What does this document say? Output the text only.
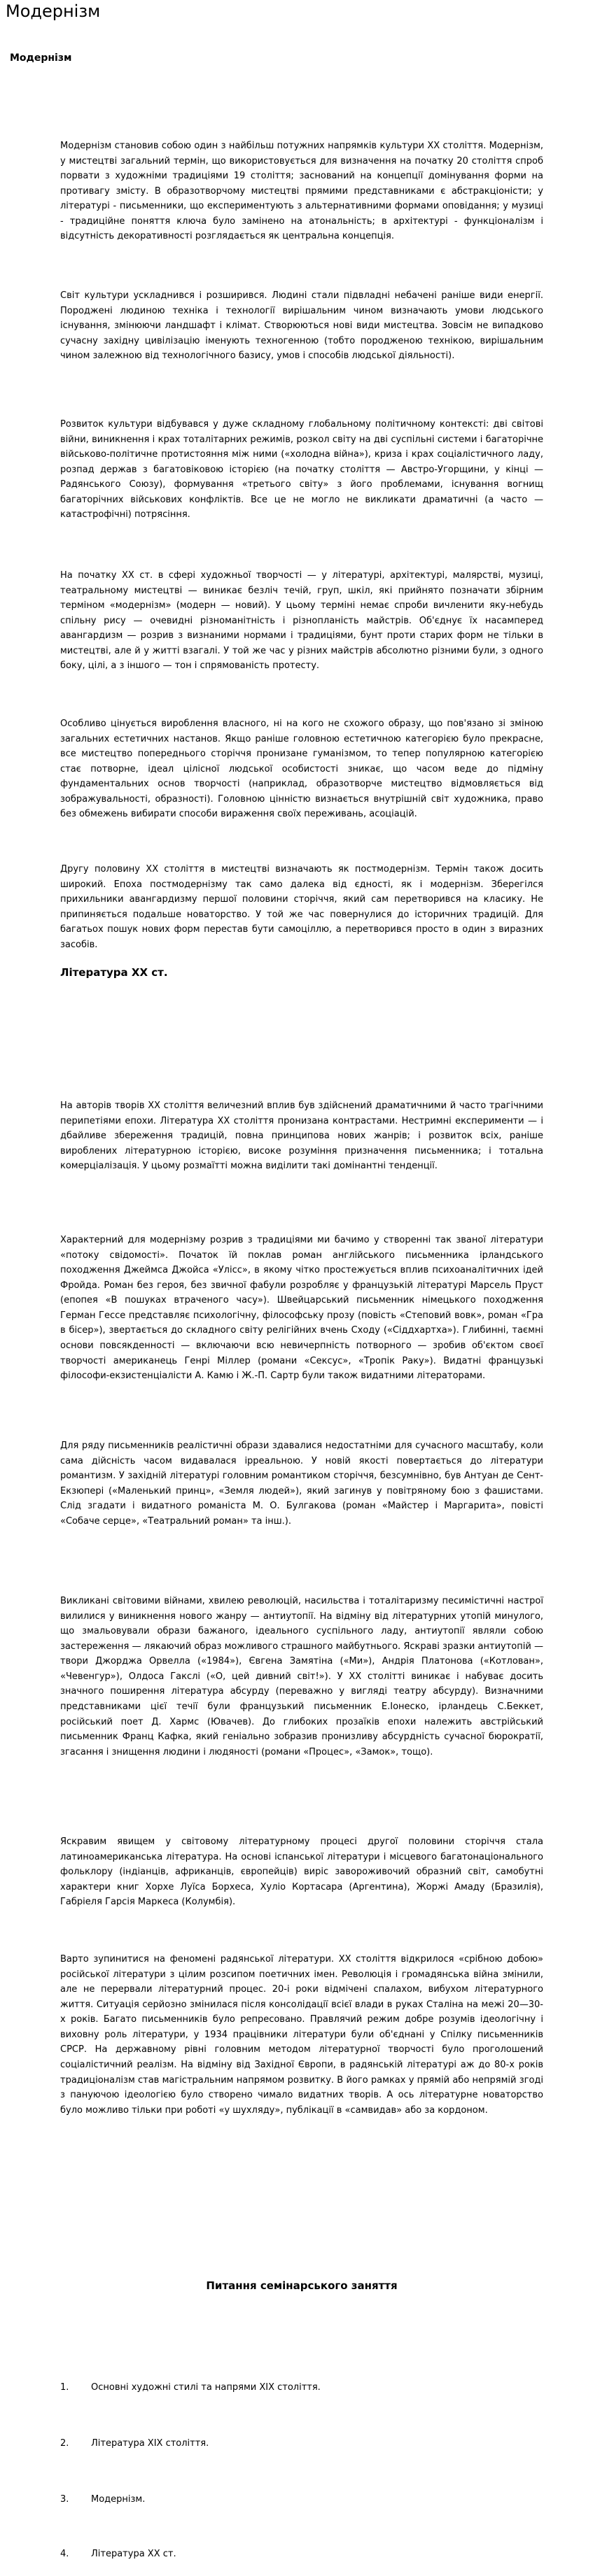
Модернізм
Модернізм

Модернізм становив собою один з найбільш потужних напрямків культури XX століття. Модернізм, у мистецтві загальний термін, що використовується для визначення на початку 20 століття спроб порвати з художніми традиціями 19 століття; заснований на концепції домінування форми на противагу змісту. В образотворчому мистецтві прямими представниками є абстракціоністи; у літературі - письменники, що експериментують з альтернативними формами оповідання; у музиці - традиційне поняття ключа було замінено на атональність; в архітектурі - функціоналізм і відсутність декоративності розглядається як центральна концепція.

Світ культури ускладнився і розширився. Людині стали підвладні небачені раніше види енергії. Породжені людиною техніка і технології вирішальним чином визначають умови людського існування, змінюючи ландшафт і клімат. Створюються нові види мистецтва. Зовсім не випадково сучасну західну цивілізацію іменують техногенною (тобто породженою технікою, вирішальним чином залежною від технологічного базису, умов і способів людської діяльності).

Розвиток культури відбувався у дуже складному глобальному політичному контексті: дві світові війни, виникнення і крах тоталітарних режимів, розкол світу на дві суспільні системи і багаторічне військово-політичне протистояння між ними («холодна війна»), криза і крах соціалістичного ладу, розпад держав з багатовіковою історією (на початку століття — Австро-Угорщини, у кінці — Радянського Союзу), формування «третього світу» з його проблемами, існування вогнищ багаторічних військових конфліктів. Все це не могло не викликати драматичні (а часто — катастрофічні) потрясіння.

На початку XX ст. в сфері художньої творчості — у літературі, архітектурі, малярстві, музиці, театральному мистецтві — виникає безліч течій, груп, шкіл, які прийнято позначати збірним терміном «модернізм» (модерн — новий). У цьому терміні немає спроби вичленити яку-небудь спільну рису — очевидні різноманітність і різнопланість майстрів. Об'єднує їх насамперед авангардизм — розрив з визнаними нормами і традиціями, бунт проти старих форм не тільки в мистецтві, але й у житті взагалі. У той же час у різних майстрів абсолютно різними були, з одного боку, цілі, а з іншого — тон і спрямованість протесту.

Особливо цінується вироблення власного, ні на кого не схожого образу, що пов'язано зі зміною загальних естетичних настанов. Якщо раніше головною естетичною категорією було прекрасне, все мистецтво попереднього сторіччя пронизане гуманізмом, то тепер популярною категорією стає потворне, ідеал цілісної людської особистості зникає, що часом веде до підміну фундаментальних основ творчості (наприклад, образотворче мистецтво відмовляється від зображувальності, образності). Головною цінністю визнається внутрішній світ художника, право без обмежень вибирати способи вираження своїх переживань, асоціацій.

Другу половину XX століття в мистецтві визначають як постмодернізм. Термін також досить широкий. Епоха постмодернізму так само далека від єдності, як і модернізм. Зберегілся прихильники авангардизму першої половини сторіччя, який сам перетворився на класику. Не припиняється подальше новаторство. У той же час повернулися до історичних традицій. Для багатьох пошук нових форм перестав бути самоціллю, а перетворився просто в один з виразних засобів.

Література XX ст.

На авторів творів XX століття величезний вплив був здійснений драматичними й часто трагічними перипетіями епохи. Література XX століття пронизана контрастами. Нестримні експерименти — і дбайливе збереження традицій, повна принципова нових жанрів; і розвиток всіх, раніше вироблених літературною історією, високе розуміння призначення письменника; і тотальна комерціалізація. У цьому розмаїтті можна виділити такі домінантні тенденції.

Характерний для модернізму розрив з традиціями ми бачимо у створенні так званої літератури «потоку свідомості». Початок їй поклав роман англійського письменника ірландського походження Джеймса Джойса «Улісс», в якому чітко простежується вплив психоаналітичних ідей Фройда. Роман без героя, без звичної фабули розробляє у французькій літературі Марсель Пруст (епопея «В пошуках втраченого часу»). Швейцарський письменник німецького походження Герман Гессе представляє психологічну, філософську прозу (повість «Степовий вовк», роман «Гра в бісер»), звертається до складного світу релігійних вчень Сходу («Сіддхартха»). Глибинні, таємні основи повсякденності — включаючи всю невичерпність потворного — зробив об'єктом своєї творчості американець Генрі Міллер (романи «Сексус», «Тропік Раку»). Видатні французькі філософи-екзистенціалісти А. Камю і Ж.-П. Сартр були також видатними літераторами.

Для ряду письменників реалістичні образи здавалися недостатніми для сучасного масштабу, коли сама дійсність часом видавалася ірреальною. У новій якості повертається до літератури романтизм. У західній літературі головним романтиком сторіччя, безсумнівно, був Антуан де Сент-Екзюпері («Маленький принц», «Земля людей»), який загинув у повітряному бою з фашистами. Слід згадати і видатного романіста М. О. Булгакова (роман «Майстер і Маргарита», повісті «Собаче серце», «Театральний роман» та інш.).

Викликані світовими війнами, хвилею революцій, насильства і тоталітаризму песимістичні настрої вилилися у виникнення нового жанру — антиутопії. На відміну від літературних утопій минулого, що змальовували образи бажаного, ідеального суспільного ладу, антиутопії являли собою застереження — лякаючий образ можливого страшного майбутнього. Яскраві зразки антиутопій — твори Джорджа Орвелла («1984»), Євгена Замятіна («Ми»), Андрія Платонова («Котлован», «Чевенгур»), Олдоса Гакслі («О, цей дивний світ!»). У XX столітті виникає і набуває досить значного поширення література абсурду (переважно у вигляді театру абсурду). Визначними представниками цієї течії були французький письменник Е.Іонеско, ірландець С.Беккет, російський поет Д. Хармс (Ювачев). До глибоких прозаїків епохи належить австрійський письменник Франц Кафка, який геніально зобразив пронизливу абсурдність сучасної бюрократії, згасання і знищення людини і людяності (романи «Процес», «Замок», тощо).

Яскравим явищем у світовому літературному процесі другої половини сторіччя стала латиноамериканська література. На основі іспанської літератури і місцевого багатонаціонального фольклору (індіанців, африканців, європейців) виріс завороживочий образний світ, самобутні характери книг Хорхе Луїса Борхеса, Хуліо Кортасара (Аргентина), Жоржі Амаду (Бразилія), Габріеля Гарсія Маркеса (Колумбія).

Варто зупинитися на феномені радянської літератури. XX століття відкрилося «срібною добою» російської літератури з цілим розсипом поетичних імен. Революція і громадянська війна змінили, але не перервали літературний процес. 20-і роки відмічені спалахом, вибухом літературного життя. Ситуація серйозно змінилася після консолідації всієї влади в руках Сталіна на межі 20—30-х років. Багато письменників було репресовано. Правлячий режим добре розумів ідеологічну і виховну роль літератури, у 1934 працівники літератури були об'єднані у Спілку письменників СРСР. На державному рівні головним методом літературної творчості було проголошений соціалістичний реалізм. На відміну від Західної Європи, в радянській літературі аж до 80-х років традиціоналізм став магістральним напрямом розвитку. В його рамках у прямій або непрямій згоді з пануючою ідеологією було створено чимало видатних творів. А ось літературне новаторство було можливо тільки при роботі «у шухляду», публікації в «самвидав» або за кордоном.

Питання семінарського заняття
1. Основні художні стилі та напрями XIX століття.
2. Література XIX століття.
3. Модернізм.
4. Література XX ст.
